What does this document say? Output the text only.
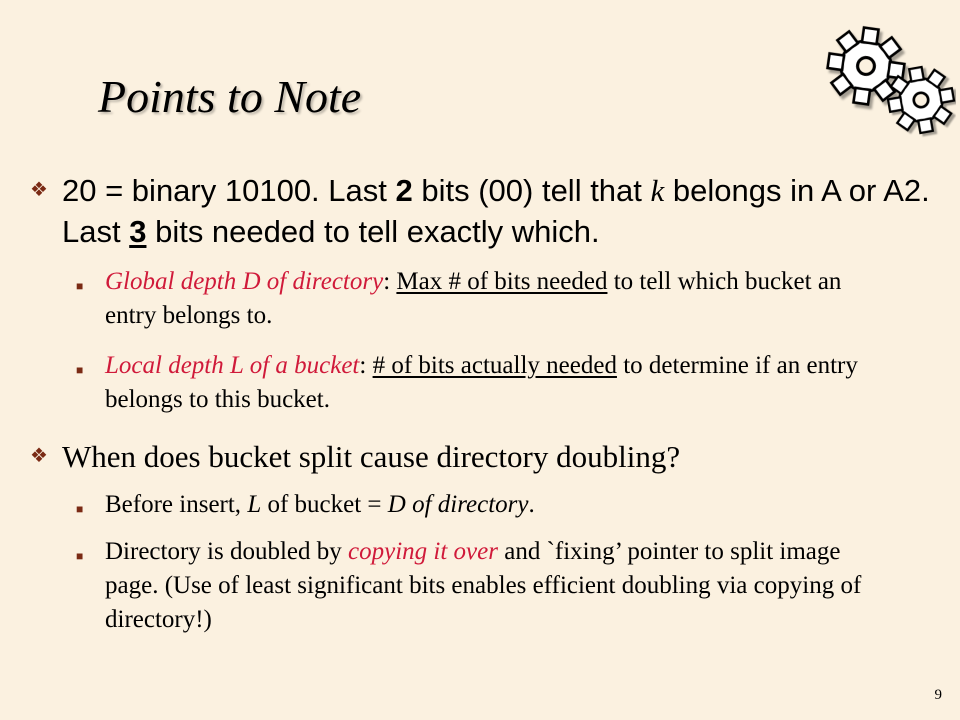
Points to Note
❖ 20 = binary 10100. Last 2 bits (00) tell that k belongs in A or A2. Last 3 bits needed to tell exactly which.
■ Global depth D of directory: Max # of bits needed to tell which bucket an entry belongs to.
■ Local depth L of a bucket: # of bits actually needed to determine if an entry belongs to this bucket.
❖ When does bucket split cause directory doubling?
■ Before insert, L of bucket = D of directory.
■ Directory is doubled by copying it over and `fixing’ pointer to split image page. (Use of least significant bits enables efficient doubling via copying of directory!)
9
